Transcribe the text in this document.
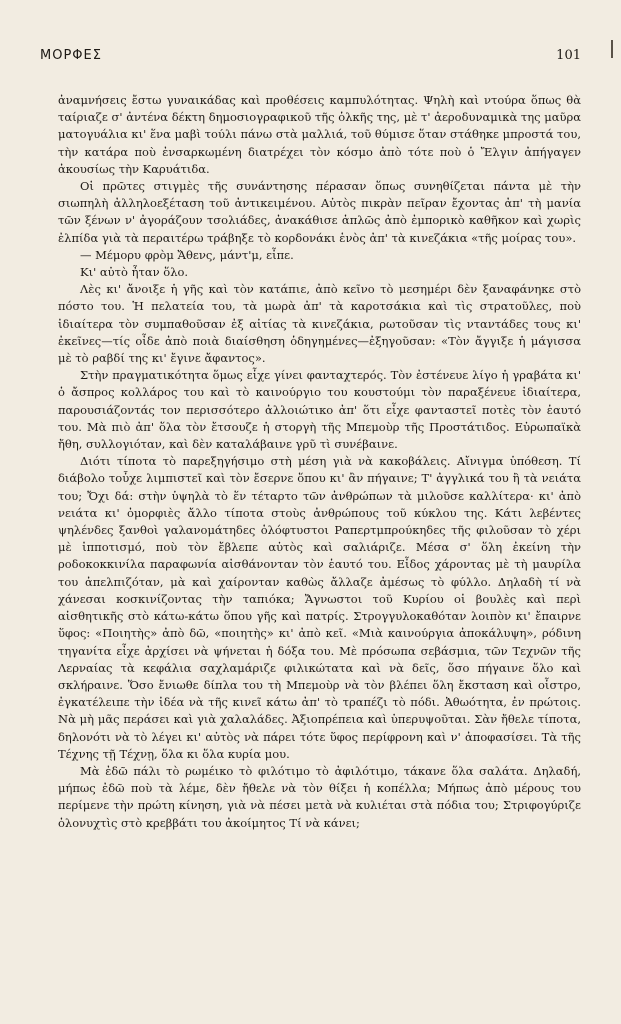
ΜΟΡΦΕΣ	101

ἀναμνήσεις ἔστω γυναικάδας καὶ προθέσεις καμπυλότητας. Ψηλὴ καὶ ντούρα ὅπως θὰ ταίριαζε σ' ἀντένα δέκτη δημοσιογραφικοῦ τῆς ὁλκῆς της, μὲ τ' ἀεροδυναμικὰ της μαῦρα ματογυάλια κι' ἕνα μαβὶ τούλι πάνω στὰ μαλλιά, τοῦ θύμισε ὅταν στάθηκε μπροστά του, τὴν κατάρα ποὺ ἐνσαρκωμένη διατρέχει τὸν κόσμο ἀπὸ τότε ποὺ ὁ Ἔλγιν ἀπήγαγεν ἀκουσίως τὴν Καρυάτιδα.

Οἱ πρῶτες στιγμὲς τῆς συνάντησης πέρασαν ὅπως συνηθίζεται πάντα μὲ τὴν σιωπηλὴ ἀλληλοεξέταση τοῦ ἀντικειμένου. Αὐτὸς πικρὰν πεῖραν ἔχοντας ἀπ' τὴ μανία τῶν ξένων ν' ἀγοράζουν τσολιάδες, ἀνακάθισε ἁπλῶς ἀπὸ ἐμπορικὸ καθῆκον καὶ χωρὶς ἐλπίδα γιὰ τὰ περαιτέρω τράβηξε τὸ κορδονάκι ἑνὸς ἀπ' τὰ κινεζάκια «τῆς μοίρας του».

— Μέμορυ φρὸμ Ἄθενς, μάντ'μ, εἶπε.

Κι' αὐτὸ ἦταν ὅλο.

Λὲς κι' ἄνοιξε ἡ γῆς καὶ τὸν κατάπιε, ἀπὸ κεῖνο τὸ μεσημέρι δὲν ξαναφάνηκε στὸ πόστο του. Ἡ πελατεία του, τὰ μωρὰ ἀπ' τὰ καροτσάκια καὶ τὶς στρατοῦλες, ποὺ ἰδιαίτερα τὸν συμπαθοῦσαν ἐξ αἰτίας τὰ κινεζάκια, ρωτοῦσαν τὶς νταντάδες τους κι' ἐκεῖνες—τίς οἶδε ἀπὸ ποιὰ διαίσθηση ὁδηγημένες—ἐξηγοῦσαν: «Τὸν ἄγγιξε ἡ μάγισσα μὲ τὸ ραβδί της κι' ἔγινε ἄφαντος».

Στὴν πραγματικότητα ὅμως εἶχε γίνει φανταχτερός. Τὸν ἐστένευε λίγο ἡ γραβάτα κι' ὁ ἄσπρος κολλάρος του καὶ τὸ καινούργιο του κουστούμι τὸν παραξένευε ἰδιαίτερα, παρουσιάζοντάς τον περισσότερο ἀλλοιώτικο ἀπ' ὅτι εἶχε φανταστεῖ ποτὲς τὸν ἑαυτό του. Μὰ πιὸ ἀπ' ὅλα τὸν ἔτσουζε ἡ στοργὴ τῆς Μπεμοὺρ τῆς Προστάτιδος. Εὐρωπαϊκὰ ἤθη, συλλογιόταν, καὶ δὲν καταλάβαινε γρῦ τὶ συνέβαινε.

Διότι τίποτα τὸ παρεξηγήσιμο στὴ μέση γιὰ νὰ κακοβάλεις. Αἴνιγμα ὑπόθεση. Τί διάβολο τοὖχε λιμπιστεῖ καὶ τὸν ἔσερνε ὅπου κι' ἂν πήγαινε; Τ' ἀγγλικά του ἢ τὰ νειάτα του; Ὄχι δά: στὴν ὑψηλὰ τὸ ἕν τέταρτο τῶν ἀνθρώπων τὰ μιλοῦσε καλλίτερα· κι' ἀπὸ νειάτα κι' ὀμορφιὲς ἄλλο τίποτα στοὺς ἀνθρώπους τοῦ κύκλου της. Κάτι λεβέντες ψηλένδες ξανθοὶ γαλανομάτηδες ὁλόφτυστοι Ραπερτμπρούκηδες τῆς φιλοῦσαν τὸ χέρι μὲ ἱπποτισμό, ποὺ τὸν ἔβλεπε αὐτὸς καὶ σαλιάριζε. Μέσα σ' ὅλη ἐκείνη τὴν ροδοκοκκινίλα παραφωνία αἰσθάνονταν τὸν ἑαυτό του. Εἶδος χάροντας μὲ τὴ μαυρίλα του ἀπελπιζόταν, μὰ καὶ χαίρονταν καθὼς ἄλλαζε ἀμέσως τὸ φύλλο. Δηλαδὴ τί νὰ χάνεσαι κοσκινίζοντας τὴν ταπιόκα; Ἄγνωστοι τοῦ Κυρίου οἱ βουλὲς καὶ περὶ αἰσθητικῆς στὸ κάτω-κάτω ὅπου γῆς καὶ πατρίς. Στρογγυλοκαθόταν λοιπὸν κι' ἔπαιρνε ὕφος: «Ποιητὴς» ἀπὸ δῶ, «ποιητὴς» κι' ἀπὸ κεῖ. «Μιὰ καινούργια ἀποκάλυψη», ρόδινη τηγανίτα εἶχε ἀρχίσει νὰ ψήνεται ἡ δόξα του. Μὲ πρόσωπα σεβάσμια, τῶν Τεχνῶν τῆς Λερναίας τὰ κεφάλια σαχλαμάριζε φιλικώτατα καὶ νὰ δεῖς, ὅσο πήγαινε ὅλο καὶ σκλήραινε. Ὅσο ἔνιωθε δίπλα του τὴ Μπεμοὺρ νὰ τὸν βλέπει ὅλη ἔκσταση καὶ οἶστρο, ἐγκατέλειπε τὴν ἰδέα νὰ τῆς κινεῖ κάτω ἀπ' τὸ τραπέζι τὸ πόδι. Ἀθωότητα, ἐν πρώτοις. Νὰ μὴ μᾶς περάσει καὶ γιὰ χαλαλάδες. Ἀξιοπρέπεια καὶ ὑπερυψοῦται. Σὰν ἤθελε τίποτα, δηλονότι νὰ τὸ λέγει κι' αὐτὸς νὰ πάρει τότε ὕφος περίφρονη καὶ ν' ἀποφασίσει. Τὰ τῆς Τέχνης τῇ Τέχνῃ, ὅλα κι ὅλα κυρία μου.

Μὰ ἐδῶ πάλι τὸ ρωμέικο τὸ φιλότιμο τὸ ἀφιλότιμο, τάκανε ὅλα σαλάτα. Δηλαδή, μήπως ἐδῶ ποὺ τὰ λέμε, δὲν ἤθελε νὰ τὸν θίξει ἡ κοπέλλα; Μήπως ἀπὸ μέρους του περίμενε τὴν πρώτη κίνηση, γιὰ νὰ πέσει μετὰ νὰ κυλιέται στὰ πόδια του; Στριφογύριζε ὁλονυχτὶς στὸ κρεββάτι του ἀκοίμητος Τί νὰ κάνει;
